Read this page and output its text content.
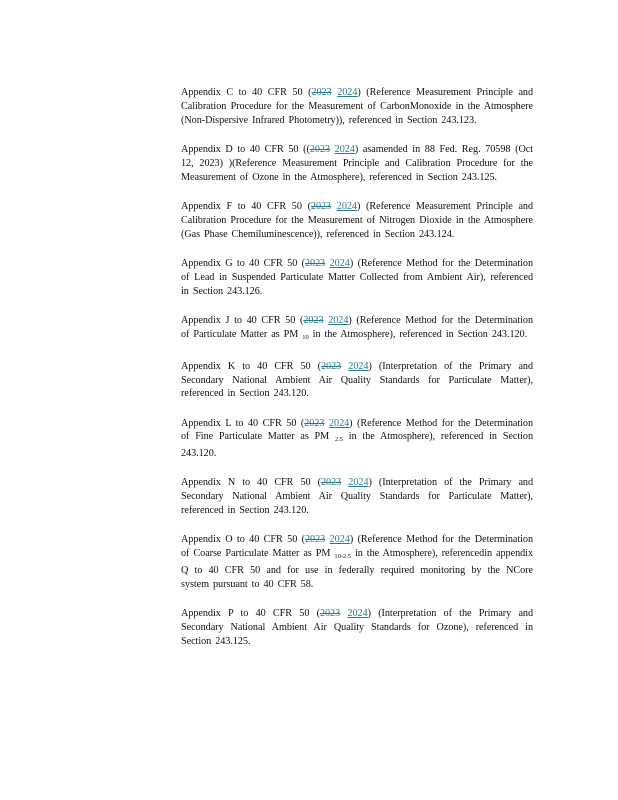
Appendix C to 40 CFR 50 (2023 2024) (Reference Measurement Principle and Calibration Procedure for the Measurement of CarbonMonoxide in the Atmosphere (Non-Dispersive Infrared Photometry)), referenced in Section 243.123.

Appendix D to 40 CFR 50 ((2023 2024) asamended in 88 Fed. Reg. 70598 (Oct 12, 2023) )(Reference Measurement Principle and Calibration Procedure for the Measurement of Ozone in the Atmosphere), referenced in Section 243.125.

Appendix F to 40 CFR 50 (2023 2024) (Reference Measurement Principle and Calibration Procedure for the Measurement of Nitrogen Dioxide in the Atmosphere (Gas Phase Chemiluminescence)), referenced in Section 243.124.

Appendix G to 40 CFR 50 (2023 2024) (Reference Method for the Determination of Lead in Suspended Particulate Matter Collected from Ambient Air), referenced in Section 243.126.

Appendix J to 40 CFR 50 (2023 2024) (Reference Method for the Determination of Particulate Matter as PM $_{10}$ in the Atmosphere), referenced in Section 243.120.

Appendix K to 40 CFR 50 (2023 2024) (Interpretation of the Primary and Secondary National Ambient Air Quality Standards for Particulate Matter), referenced in Section 243.120.

Appendix L to 40 CFR 50 (2023 2024) (Reference Method for the Determination of Fine Particulate Matter as PM $_{2.5}$ in the Atmosphere), referenced in Section 243.120.

Appendix N to 40 CFR 50 (2023 2024) (Interpretation of the Primary and Secondary National Ambient Air Quality Standards for Particulate Matter), referenced in Section 243.120.

Appendix O to 40 CFR 50 (2023 2024) (Reference Method for the Determination of Coarse Particulate Matter as PM $_{10-2.5}$ in the Atmosphere), referencedin appendix Q to 40 CFR 50 and for use in federally required monitoring by the NCore system pursuant to 40 CFR 58.

Appendix P to 40 CFR 50 (2023 2024) (Interpretation of the Primary and Secondary National Ambient Air Quality Standards for Ozone), referenced in Section 243.125.
